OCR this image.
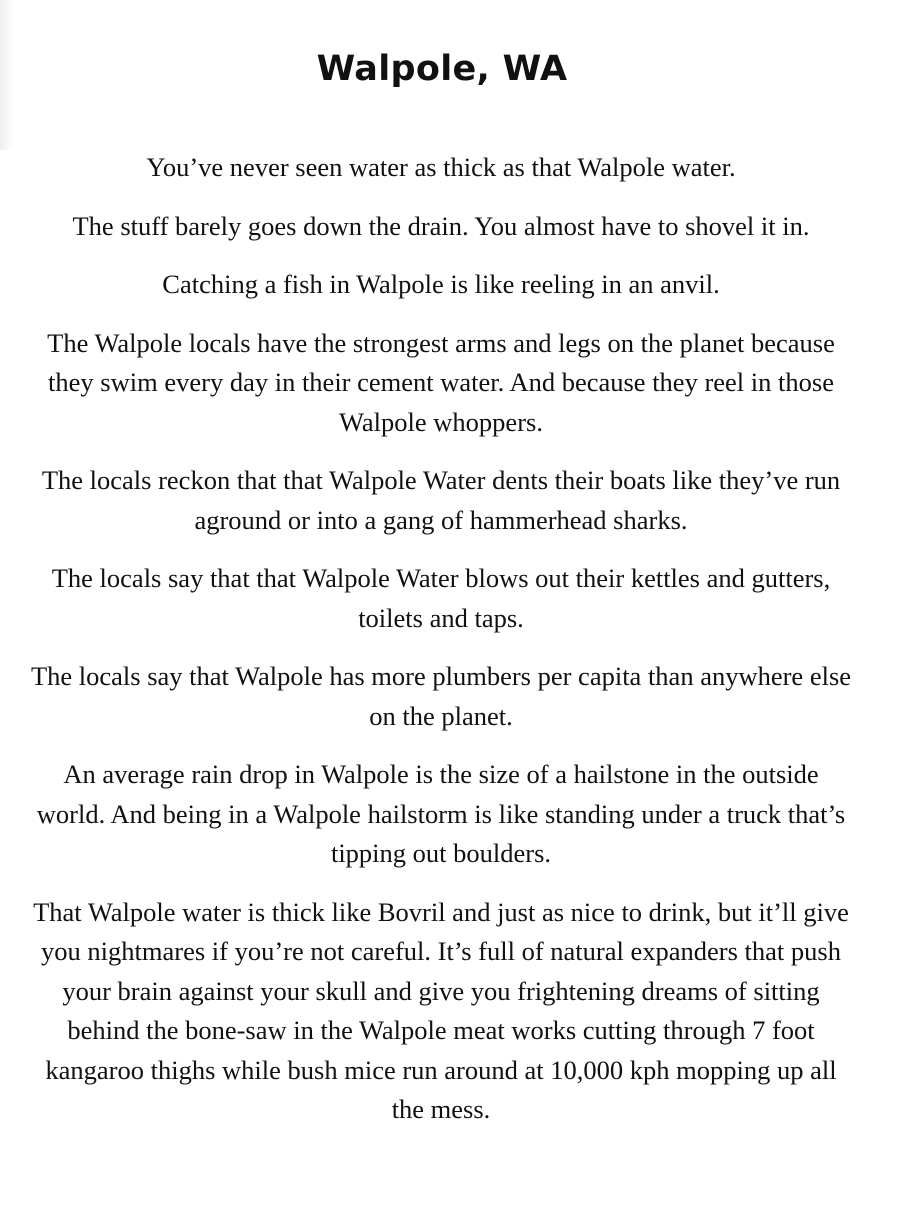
Walpole, WA

You’ve never seen water as thick as that Walpole water.

The stuff barely goes down the drain. You almost have to shovel it in.

Catching a fish in Walpole is like reeling in an anvil.

The Walpole locals have the strongest arms and legs on the planet because they swim every day in their cement water. And because they reel in those Walpole whoppers.

The locals reckon that that Walpole Water dents their boats like they’ve run aground or into a gang of hammerhead sharks.

The locals say that that Walpole Water blows out their kettles and gutters, toilets and taps.

The locals say that Walpole has more plumbers per capita than anywhere else on the planet.

An average rain drop in Walpole is the size of a hailstone in the outside world. And being in a Walpole hailstorm is like standing under a truck that’s tipping out boulders.

That Walpole water is thick like Bovril and just as nice to drink, but it’ll give you nightmares if you’re not careful. It’s full of natural expanders that push your brain against your skull and give you frightening dreams of sitting behind the bone-saw in the Walpole meat works cutting through 7 foot kangaroo thighs while bush mice run around at 10,000 kph mopping up all the mess.
